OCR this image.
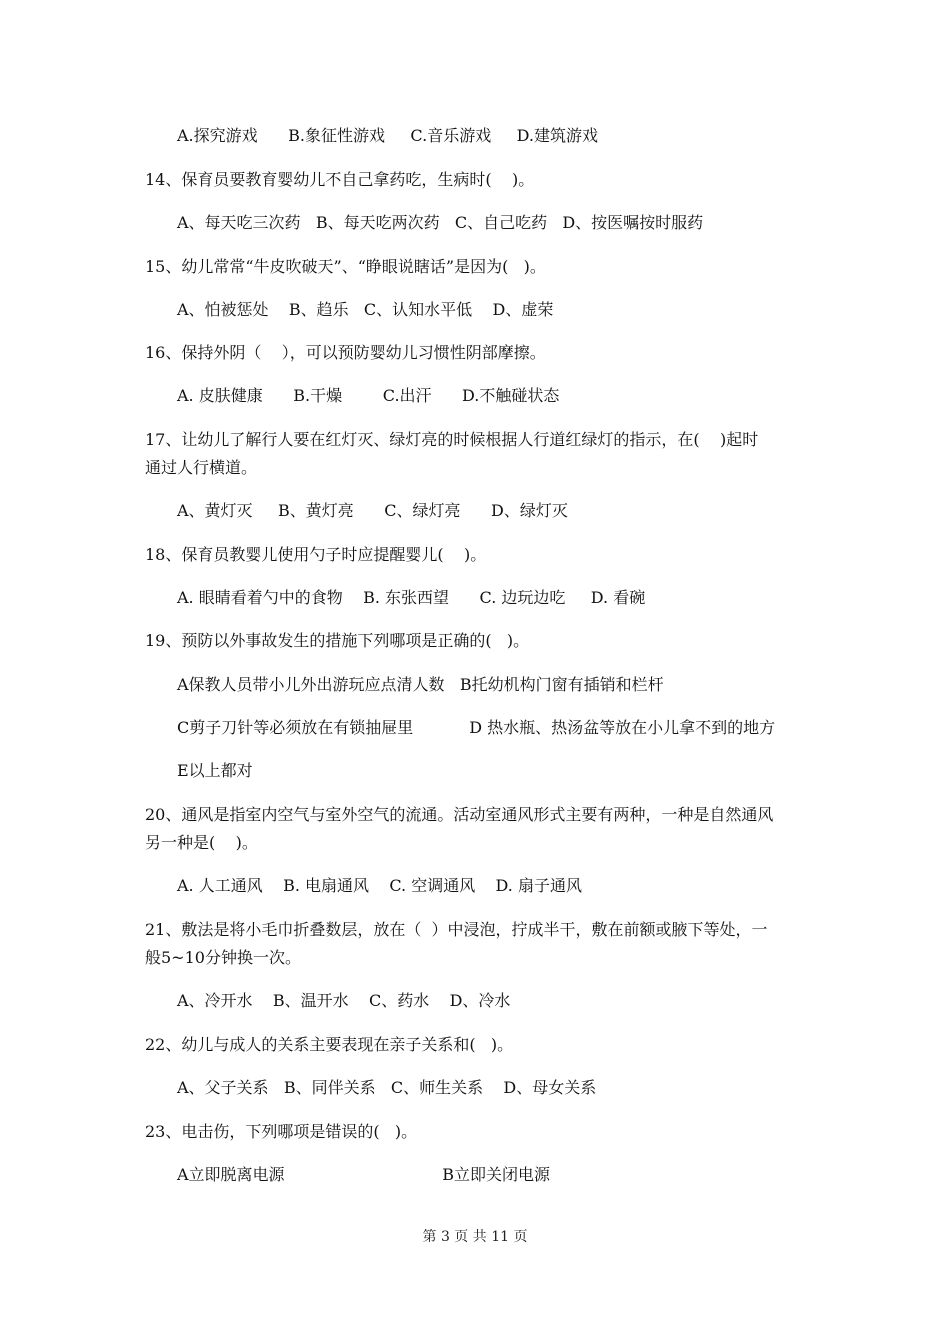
A.探究游戏      B.象征性游戏     C.音乐游戏     D.建筑游戏
14、保育员要教育婴幼儿不自己拿药吃，生病时(    )。
A、每天吃三次药   B、每天吃两次药   C、自己吃药   D、按医嘱按时服药
15、幼儿常常“牛皮吹破天”、“睁眼说瞎话”是因为(   )。
A、怕被惩处    B、趋乐   C、认知水平低    D、虚荣
16、保持外阴（    ），可以预防婴幼儿习惯性阴部摩擦。
A. 皮肤健康      B.干燥        C.出汗      D.不触碰状态
17、让幼儿了解行人要在红灯灭、绿灯亮的时候根据人行道红绿灯的指示，在(    )起时
通过人行横道。
A、黄灯灭     B、黄灯亮      C、绿灯亮      D、绿灯灭
18、保育员教婴儿使用勺子时应提醒婴儿(    )。
A. 眼睛看着勺中的食物    B. 东张西望      C. 边玩边吃     D. 看碗
19、预防以外事故发生的措施下列哪项是正确的(   )。
A保教人员带小儿外出游玩应点清人数   B托幼机构门窗有插销和栏杆
C剪子刀针等必须放在有锁抽屉里           D 热水瓶、热汤盆等放在小儿拿不到的地方
E以上都对
20、通风是指室内空气与室外空气的流通。活动室通风形式主要有两种，一种是自然通风
另一种是(    )。
A. 人工通风    B. 电扇通风    C. 空调通风    D. 扇子通风
21、敷法是将小毛巾折叠数层，放在（  ）中浸泡，拧成半干，敷在前额或腋下等处，一
般5~10分钟换一次。
A、冷开水    B、温开水    C、药水    D、冷水
22、幼儿与成人的关系主要表现在亲子关系和(   )。
A、父子关系   B、同伴关系   C、师生关系    D、母女关系
23、电击伤，下列哪项是错误的(   )。
A立即脱离电源                               B立即关闭电源
第 3 页 共 11 页
